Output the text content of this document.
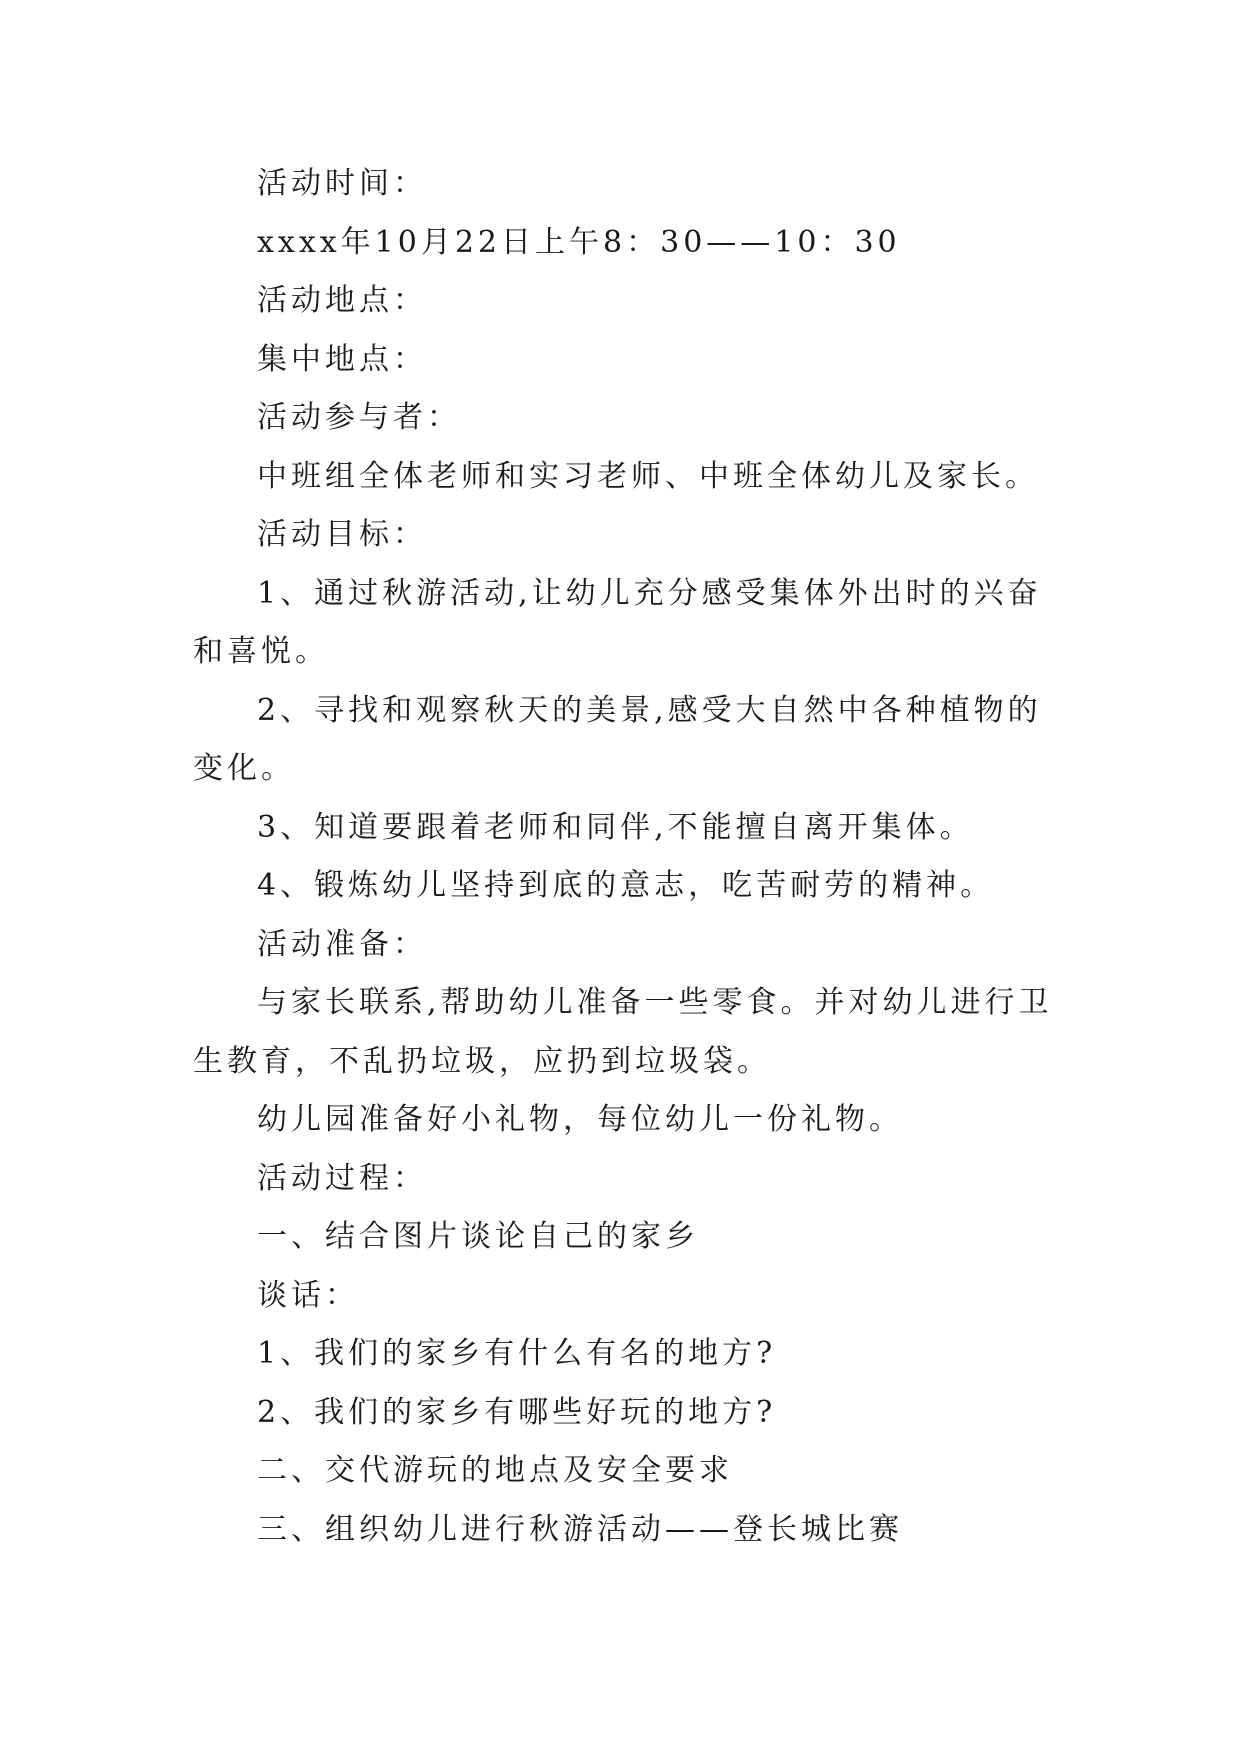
活动时间：

xxxx年10月22日上午8：30——10：30

活动地点：

集中地点：

活动参与者：

中班组全体老师和实习老师、中班全体幼儿及家长。

活动目标：

1、通过秋游活动,让幼儿充分感受集体外出时的兴奋和喜悦。

2、寻找和观察秋天的美景,感受大自然中各种植物的变化。

3、知道要跟着老师和同伴,不能擅自离开集体。

4、锻炼幼儿坚持到底的意志，吃苦耐劳的精神。

活动准备：

与家长联系,帮助幼儿准备一些零食。并对幼儿进行卫生教育，不乱扔垃圾，应扔到垃圾袋。

幼儿园准备好小礼物，每位幼儿一份礼物。

活动过程：

一、结合图片谈论自己的家乡

谈话：

1、我们的家乡有什么有名的地方?

2、我们的家乡有哪些好玩的地方?

二、交代游玩的地点及安全要求

三、组织幼儿进行秋游活动——登长城比赛
